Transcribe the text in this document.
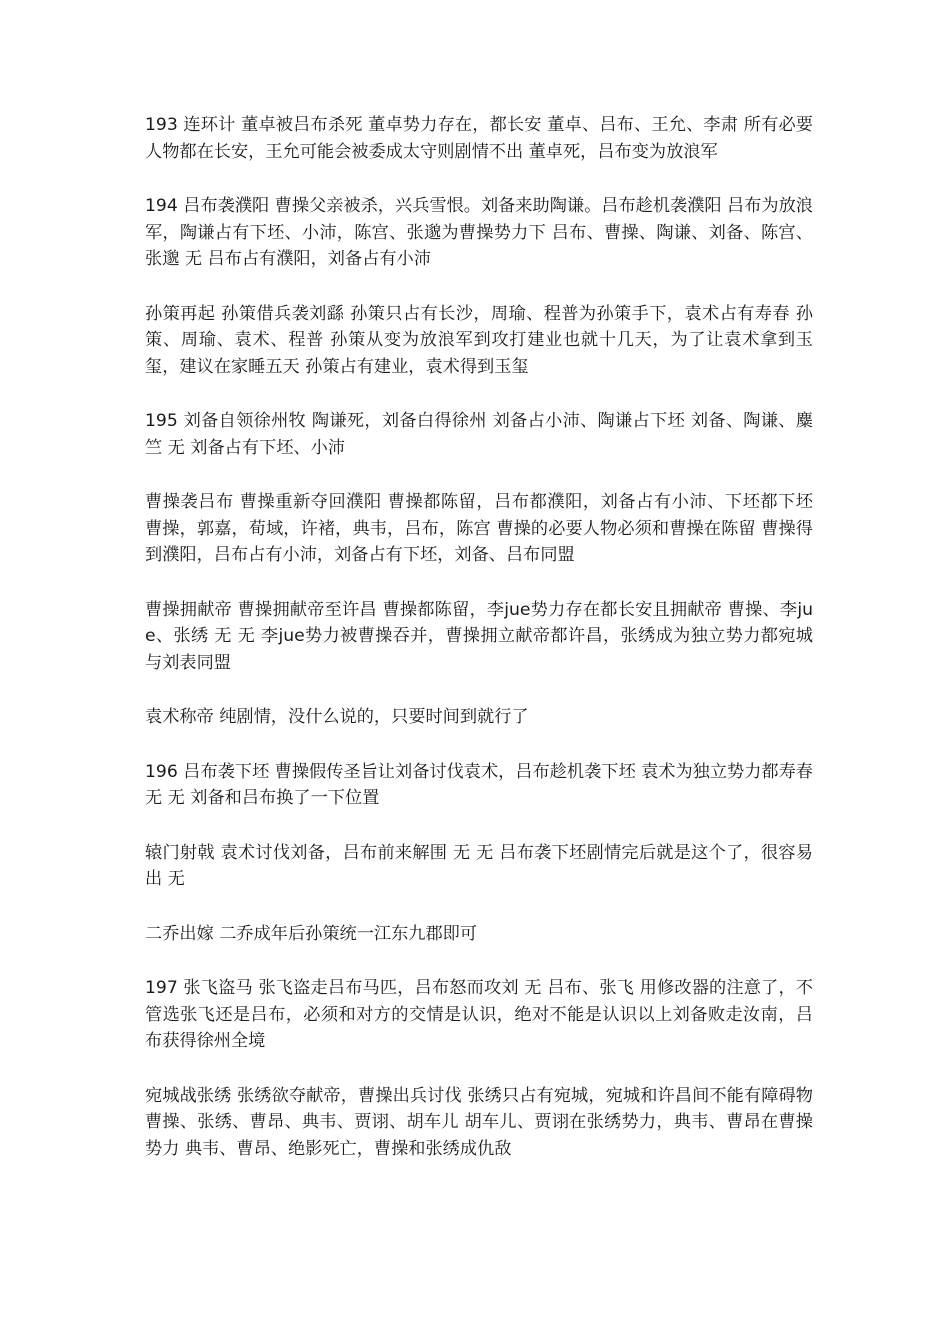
193 连环计 董卓被吕布杀死 董卓势力存在，都长安 董卓、吕布、王允、李肃 所有必要人物都在长安，王允可能会被委成太守则剧情不出 董卓死，吕布变为放浪军

194 吕布袭濮阳 曹操父亲被杀，兴兵雪恨。刘备来助陶谦。吕布趁机袭濮阳 吕布为放浪军，陶谦占有下坯、小沛，陈宫、张邈为曹操势力下 吕布、曹操、陶谦、刘备、陈宫、张邈 无 吕布占有濮阳，刘备占有小沛

孙策再起 孙策借兵袭刘繇 孙策只占有长沙，周瑜、程普为孙策手下，袁术占有寿春 孙策、周瑜、袁术、程普 孙策从变为放浪军到攻打建业也就十几天，为了让袁术拿到玉玺，建议在家睡五天 孙策占有建业，袁术得到玉玺

195 刘备自领徐州牧 陶谦死，刘备白得徐州 刘备占小沛、陶谦占下坯 刘备、陶谦、麋竺 无 刘备占有下坯、小沛

曹操袭吕布 曹操重新夺回濮阳 曹操都陈留，吕布都濮阳，刘备占有小沛、下坯都下坯 曹操，郭嘉，荀域，许褚，典韦，吕布，陈宫 曹操的必要人物必须和曹操在陈留 曹操得到濮阳，吕布占有小沛，刘备占有下坯，刘备、吕布同盟

曹操拥献帝 曹操拥献帝至许昌 曹操都陈留，李jue势力存在都长安且拥献帝 曹操、李jue、张绣 无 无 李jue势力被曹操吞并，曹操拥立献帝都许昌，张绣成为独立势力都宛城与刘表同盟

袁术称帝 纯剧情，没什么说的，只要时间到就行了

196 吕布袭下坯 曹操假传圣旨让刘备讨伐袁术，吕布趁机袭下坯 袁术为独立势力都寿春 无 无 刘备和吕布换了一下位置

辕门射戟 袁术讨伐刘备，吕布前来解围 无 无 吕布袭下坯剧情完后就是这个了，很容易出 无

二乔出嫁 二乔成年后孙策统一江东九郡即可

197 张飞盗马 张飞盗走吕布马匹，吕布怒而攻刘 无 吕布、张飞 用修改器的注意了，不管选张飞还是吕布，必须和对方的交情是认识，绝对不能是认识以上刘备败走汝南，吕布获得徐州全境

宛城战张绣 张绣欲夺献帝，曹操出兵讨伐 张绣只占有宛城，宛城和许昌间不能有障碍物 曹操、张绣、曹昂、典韦、贾诩、胡车儿 胡车儿、贾诩在张绣势力，典韦、曹昂在曹操势力 典韦、曹昂、绝影死亡，曹操和张绣成仇敌
